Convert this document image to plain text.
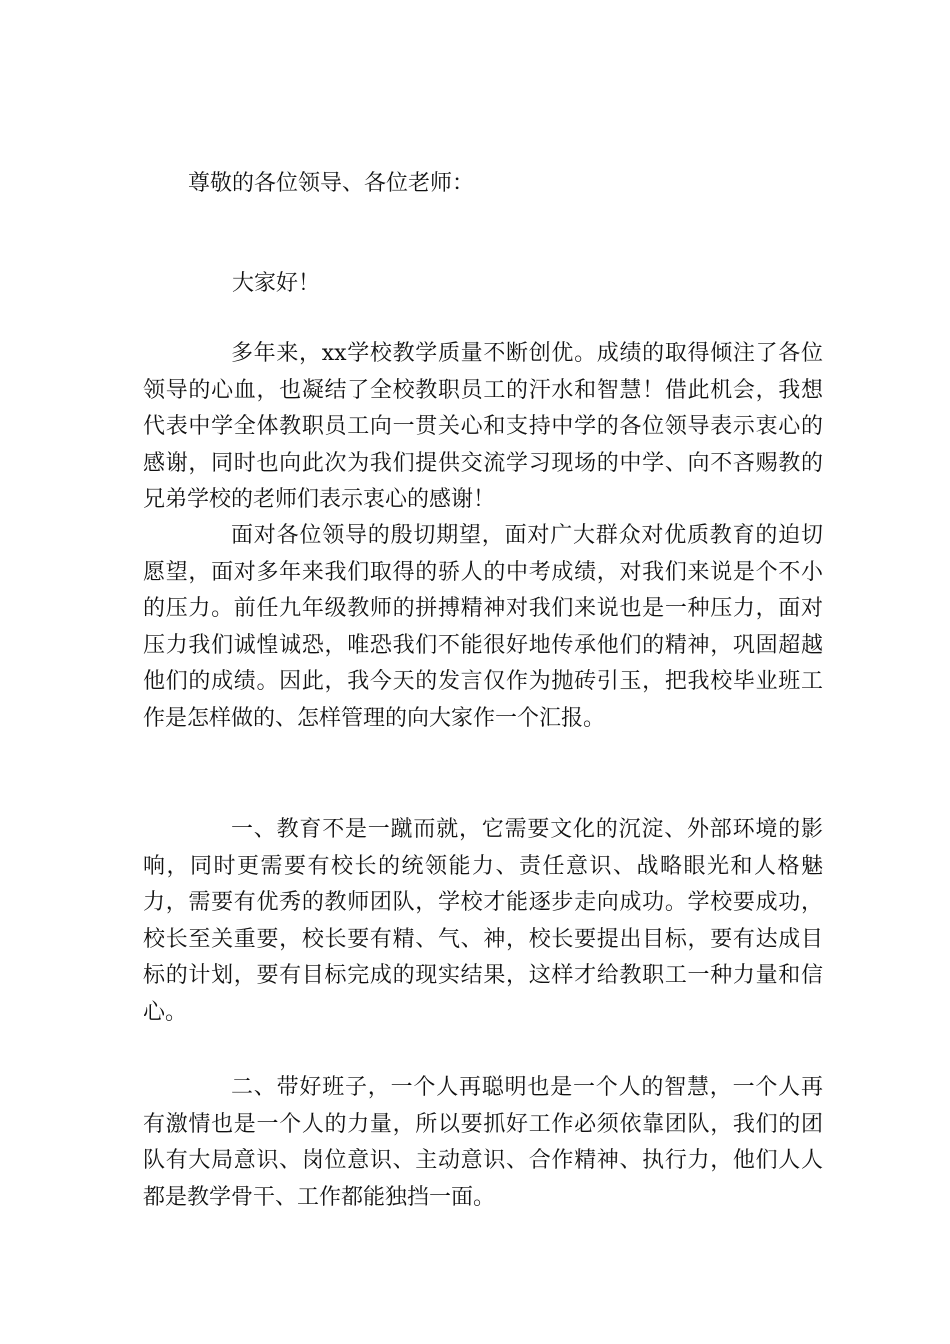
尊敬的各位领导、各位老师：
大家好！

多年来，xx学校教学质量不断创优。成绩的取得倾注了各位领导的心血，也凝结了全校教职员工的汗水和智慧！借此机会，我想代表中学全体教职员工向一贯关心和支持中学的各位领导表示衷心的感谢，同时也向此次为我们提供交流学习现场的中学、向不吝赐教的兄弟学校的老师们表示衷心的感谢！

面对各位领导的殷切期望，面对广大群众对优质教育的迫切愿望，面对多年来我们取得的骄人的中考成绩，对我们来说是个不小的压力。前任九年级教师的拼搏精神对我们来说也是一种压力，面对压力我们诚惶诚恐，唯恐我们不能很好地传承他们的精神，巩固超越他们的成绩。因此，我今天的发言仅作为抛砖引玉，把我校毕业班工作是怎样做的、怎样管理的向大家作一个汇报。

一、教育不是一蹴而就，它需要文化的沉淀、外部环境的影响，同时更需要有校长的统领能力、责任意识、战略眼光和人格魅力，需要有优秀的教师团队，学校才能逐步走向成功。学校要成功，校长至关重要，校长要有精、气、神，校长要提出目标，要有达成目标的计划，要有目标完成的现实结果，这样才给教职工一种力量和信心。

二、带好班子，一个人再聪明也是一个人的智慧，一个人再有激情也是一个人的力量，所以要抓好工作必须依靠团队，我们的团队有大局意识、岗位意识、主动意识、合作精神、执行力，他们人人都是教学骨干、工作都能独挡一面。
